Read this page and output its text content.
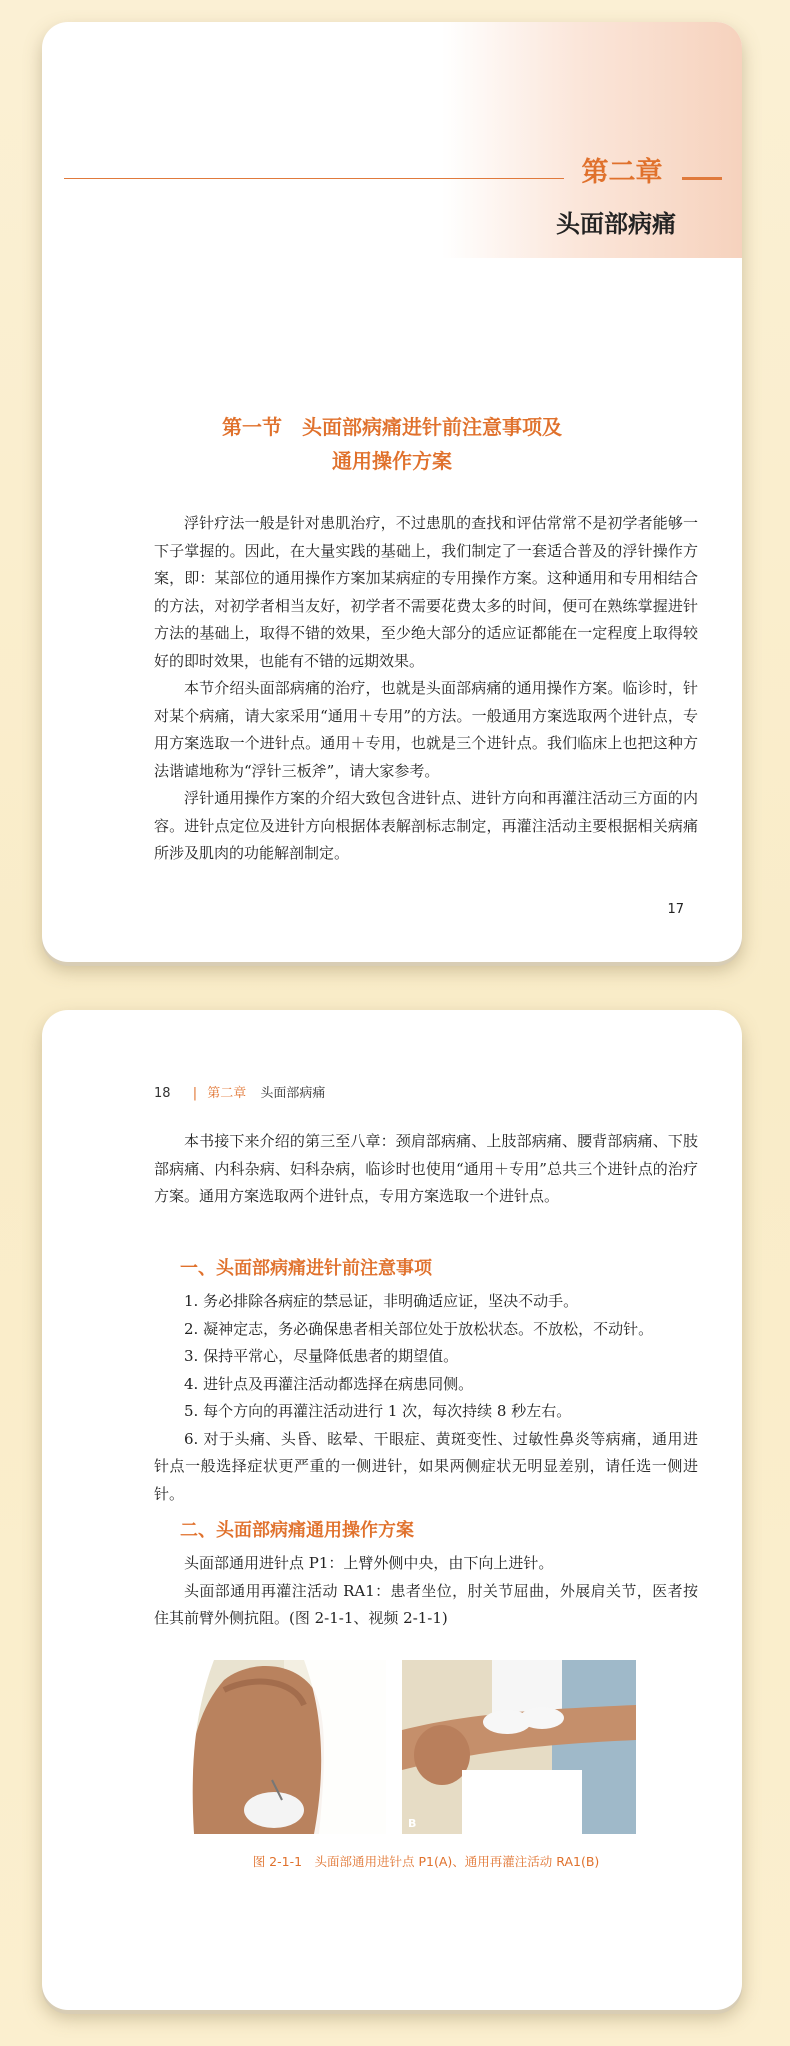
第二章
头面部病痛
第一节　头面部病痛进针前注意事项及
通用操作方案

浮针疗法一般是针对患肌治疗，不过患肌的查找和评估常常不是初学者能够一下子掌握的。因此，在大量实践的基础上，我们制定了一套适合普及的浮针操作方案，即：某部位的通用操作方案加某病症的专用操作方案。这种通用和专用相结合的方法，对初学者相当友好，初学者不需要花费太多的时间，便可在熟练掌握进针方法的基础上，取得不错的效果，至少绝大部分的适应证都能在一定程度上取得较好的即时效果，也能有不错的远期效果。

本节介绍头面部病痛的治疗，也就是头面部病痛的通用操作方案。临诊时，针对某个病痛，请大家采用“通用＋专用”的方法。一般通用方案选取两个进针点，专用方案选取一个进针点。通用＋专用，也就是三个进针点。我们临床上也把这种方法谐谑地称为“浮针三板斧”，请大家参考。

浮针通用操作方案的介绍大致包含进针点、进针方向和再灌注活动三方面的内容。进针点定位及进针方向根据体表解剖标志制定，再灌注活动主要根据相关病痛所涉及肌肉的功能解剖制定。

17
18 | 第二章 头面部病痛

本书接下来介绍的第三至八章：颈肩部病痛、上肢部病痛、腰背部病痛、下肢部病痛、内科杂病、妇科杂病，临诊时也使用“通用＋专用”总共三个进针点的治疗方案。通用方案选取两个进针点，专用方案选取一个进针点。

一、头面部病痛进针前注意事项

1. 务必排除各病症的禁忌证，非明确适应证，坚决不动手。

2. 凝神定志，务必确保患者相关部位处于放松状态。不放松，不动针。

3. 保持平常心，尽量降低患者的期望值。

4. 进针点及再灌注活动都选择在病患同侧。

5. 每个方向的再灌注活动进行 1 次，每次持续 8 秒左右。

6. 对于头痛、头昏、眩晕、干眼症、黄斑变性、过敏性鼻炎等病痛，通用进针点一般选择症状更严重的一侧进针，如果两侧症状无明显差别，请任选一侧进针。

二、头面部病痛通用操作方案

头面部通用进针点 P1：上臂外侧中央，由下向上进针。

头面部通用再灌注活动 RA1：患者坐位，肘关节屈曲，外展肩关节，医者按住其前臂外侧抗阻。(图 2-1-1、视频 2-1-1)

A	B
图 2-1-1　头面部通用进针点 P1(A)、通用再灌注活动 RA1(B)
